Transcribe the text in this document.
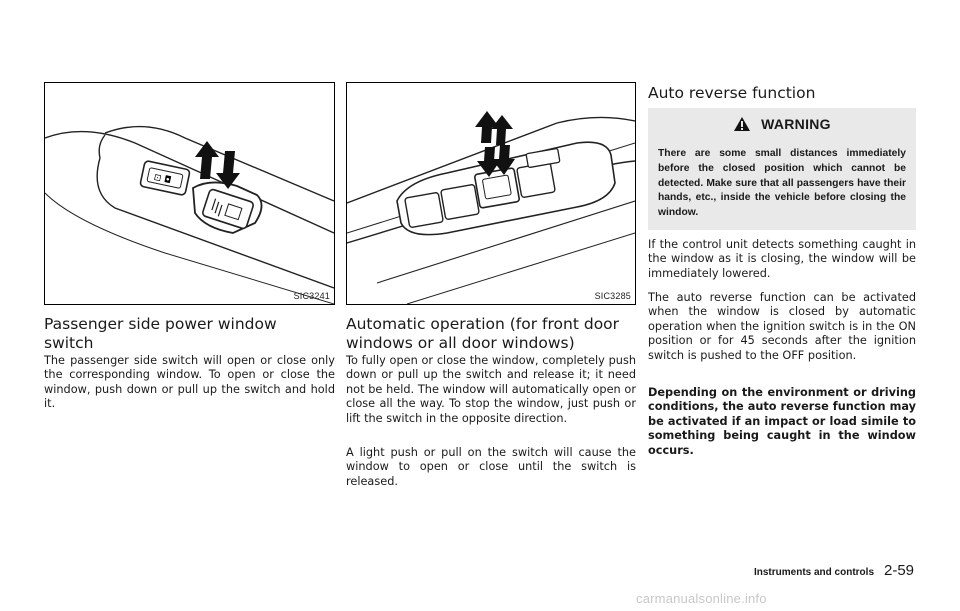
⊡ ◘
SIC3241	SIC3285
Passenger side power window switch

The passenger side switch will open or close only the corresponding window. To open or close the window, push down or pull up the switch and hold it.

Automatic operation (for front door windows or all door windows)

To fully open or close the window, completely push down or pull up the switch and release it; it need not be held. The window will automatically open or close all the way. To stop the window, just push or lift the switch in the opposite direction.

A light push or pull on the switch will cause the window to open or close until the switch is released.

Auto reverse function
WARNING

There are some small distances immediately before the closed position which cannot be detected. Make sure that all passengers have their hands, etc., inside the vehicle before closing the window.

If the control unit detects something caught in the window as it is closing, the window will be immediately lowered.

The auto reverse function can be activated when the window is closed by automatic operation when the ignition switch is in the ON position or for 45 seconds after the ignition switch is pushed to the OFF position.

Depending on the environment or driving conditions, the auto reverse function may be activated if an impact or load simile to something being caught in the window occurs.

Instruments and controls 2-59
carmanualsonline.info
